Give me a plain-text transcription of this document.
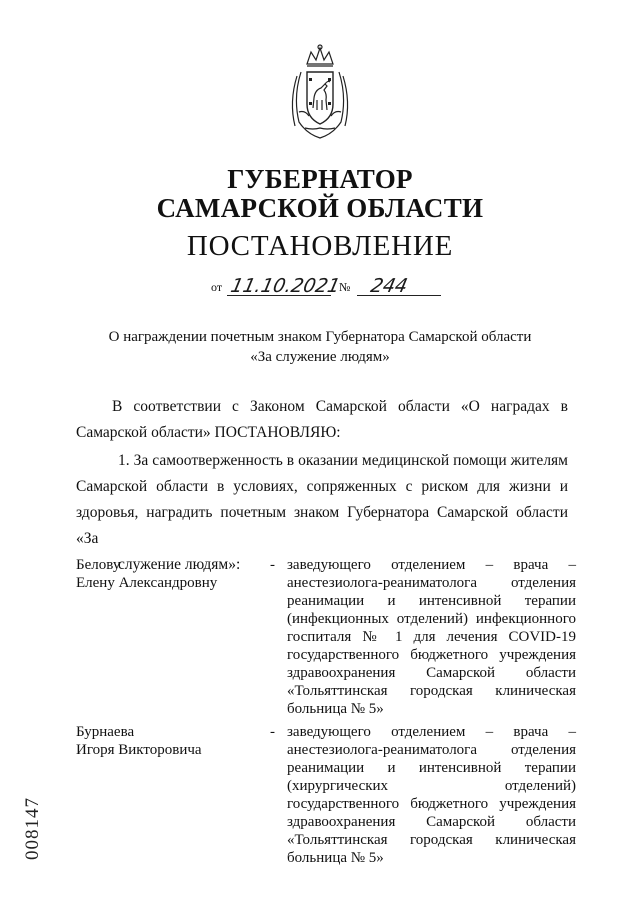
ГУБЕРНАТОР
САМАРСКОЙ ОБЛАСТИ
ПОСТАНОВЛЕНИЕ
от 11.10.2021
№ 244
О награждении почетным знаком Губернатора Самарской области
«За служение людям»
В соответствии с Законом Самарской области «О наградах в Самарской области» ПОСТАНОВЛЯЮ:
1. За самоотверженность в оказании медицинской помощи жителям Самарской области в условиях, сопряженных с риском для жизни и здоровья, наградить почетным знаком Губернатора Самарской области «За
служение людям»:
Белову
Елену Александровну
- заведующего отделением – врача – анестезиолога-реаниматолога отделения реанимации и интенсивной терапии (инфекционных отделений) инфекционного госпиталя № 1 для лечения COVID-19 государственного бюджетного учреждения здравоохранения Самарской области «Тольяттинская городская клиническая больница № 5»
Бурнаева
Игоря Викторовича
- заведующего отделением – врача – анестезиолога-реаниматолога отделения реанимации и интенсивной терапии (хирургических отделений) государственного бюджетного учреждения здравоохранения Самарской области «Тольяттинская городская клиническая больница № 5»
008147
